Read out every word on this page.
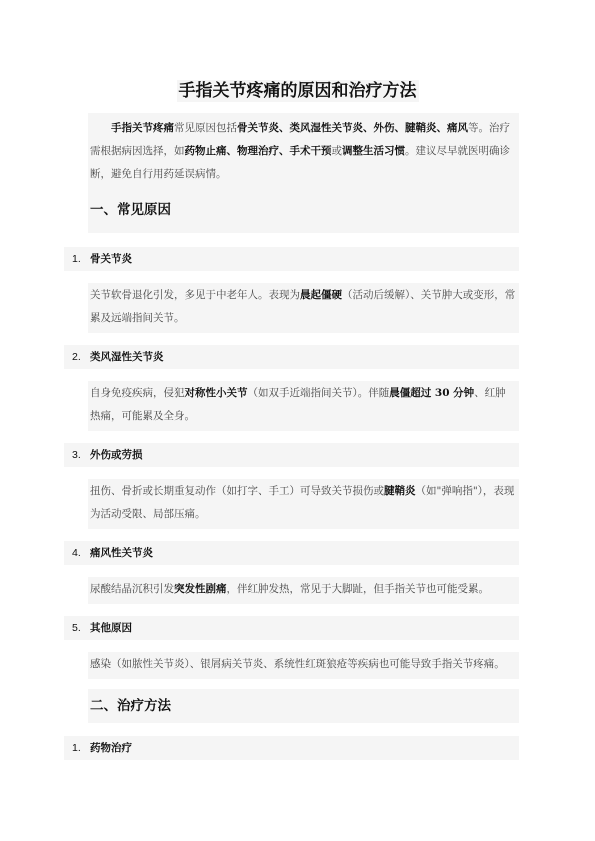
手指关节疼痛的原因和治疗方法

手指关节疼痛常见原因包括骨关节炎、类风湿性关节炎、外伤、腱鞘炎、痛风等。治疗需根据病因选择，如药物止痛、物理治疗、手术干预或调整生活习惯。建议尽早就医明确诊断，避免自行用药延误病情。

一、常见原因
1. 骨关节炎

关节软骨退化引发，多见于中老年人。表现为晨起僵硬（活动后缓解）、关节肿大或变形，常累及远端指间关节。

2. 类风湿性关节炎

自身免疫疾病，侵犯对称性小关节（如双手近端指间关节）。伴随晨僵超过 30 分钟、红肿热痛，可能累及全身。

3. 外伤或劳损

扭伤、骨折或长期重复动作（如打字、手工）可导致关节损伤或腱鞘炎（如"弹响指"），表现为活动受限、局部压痛。

4. 痛风性关节炎

尿酸结晶沉积引发突发性剧痛，伴红肿发热，常见于大脚趾，但手指关节也可能受累。

5. 其他原因

感染（如脓性关节炎）、银屑病关节炎、系统性红斑狼疮等疾病也可能导致手指关节疼痛。

二、治疗方法
1. 药物治疗
